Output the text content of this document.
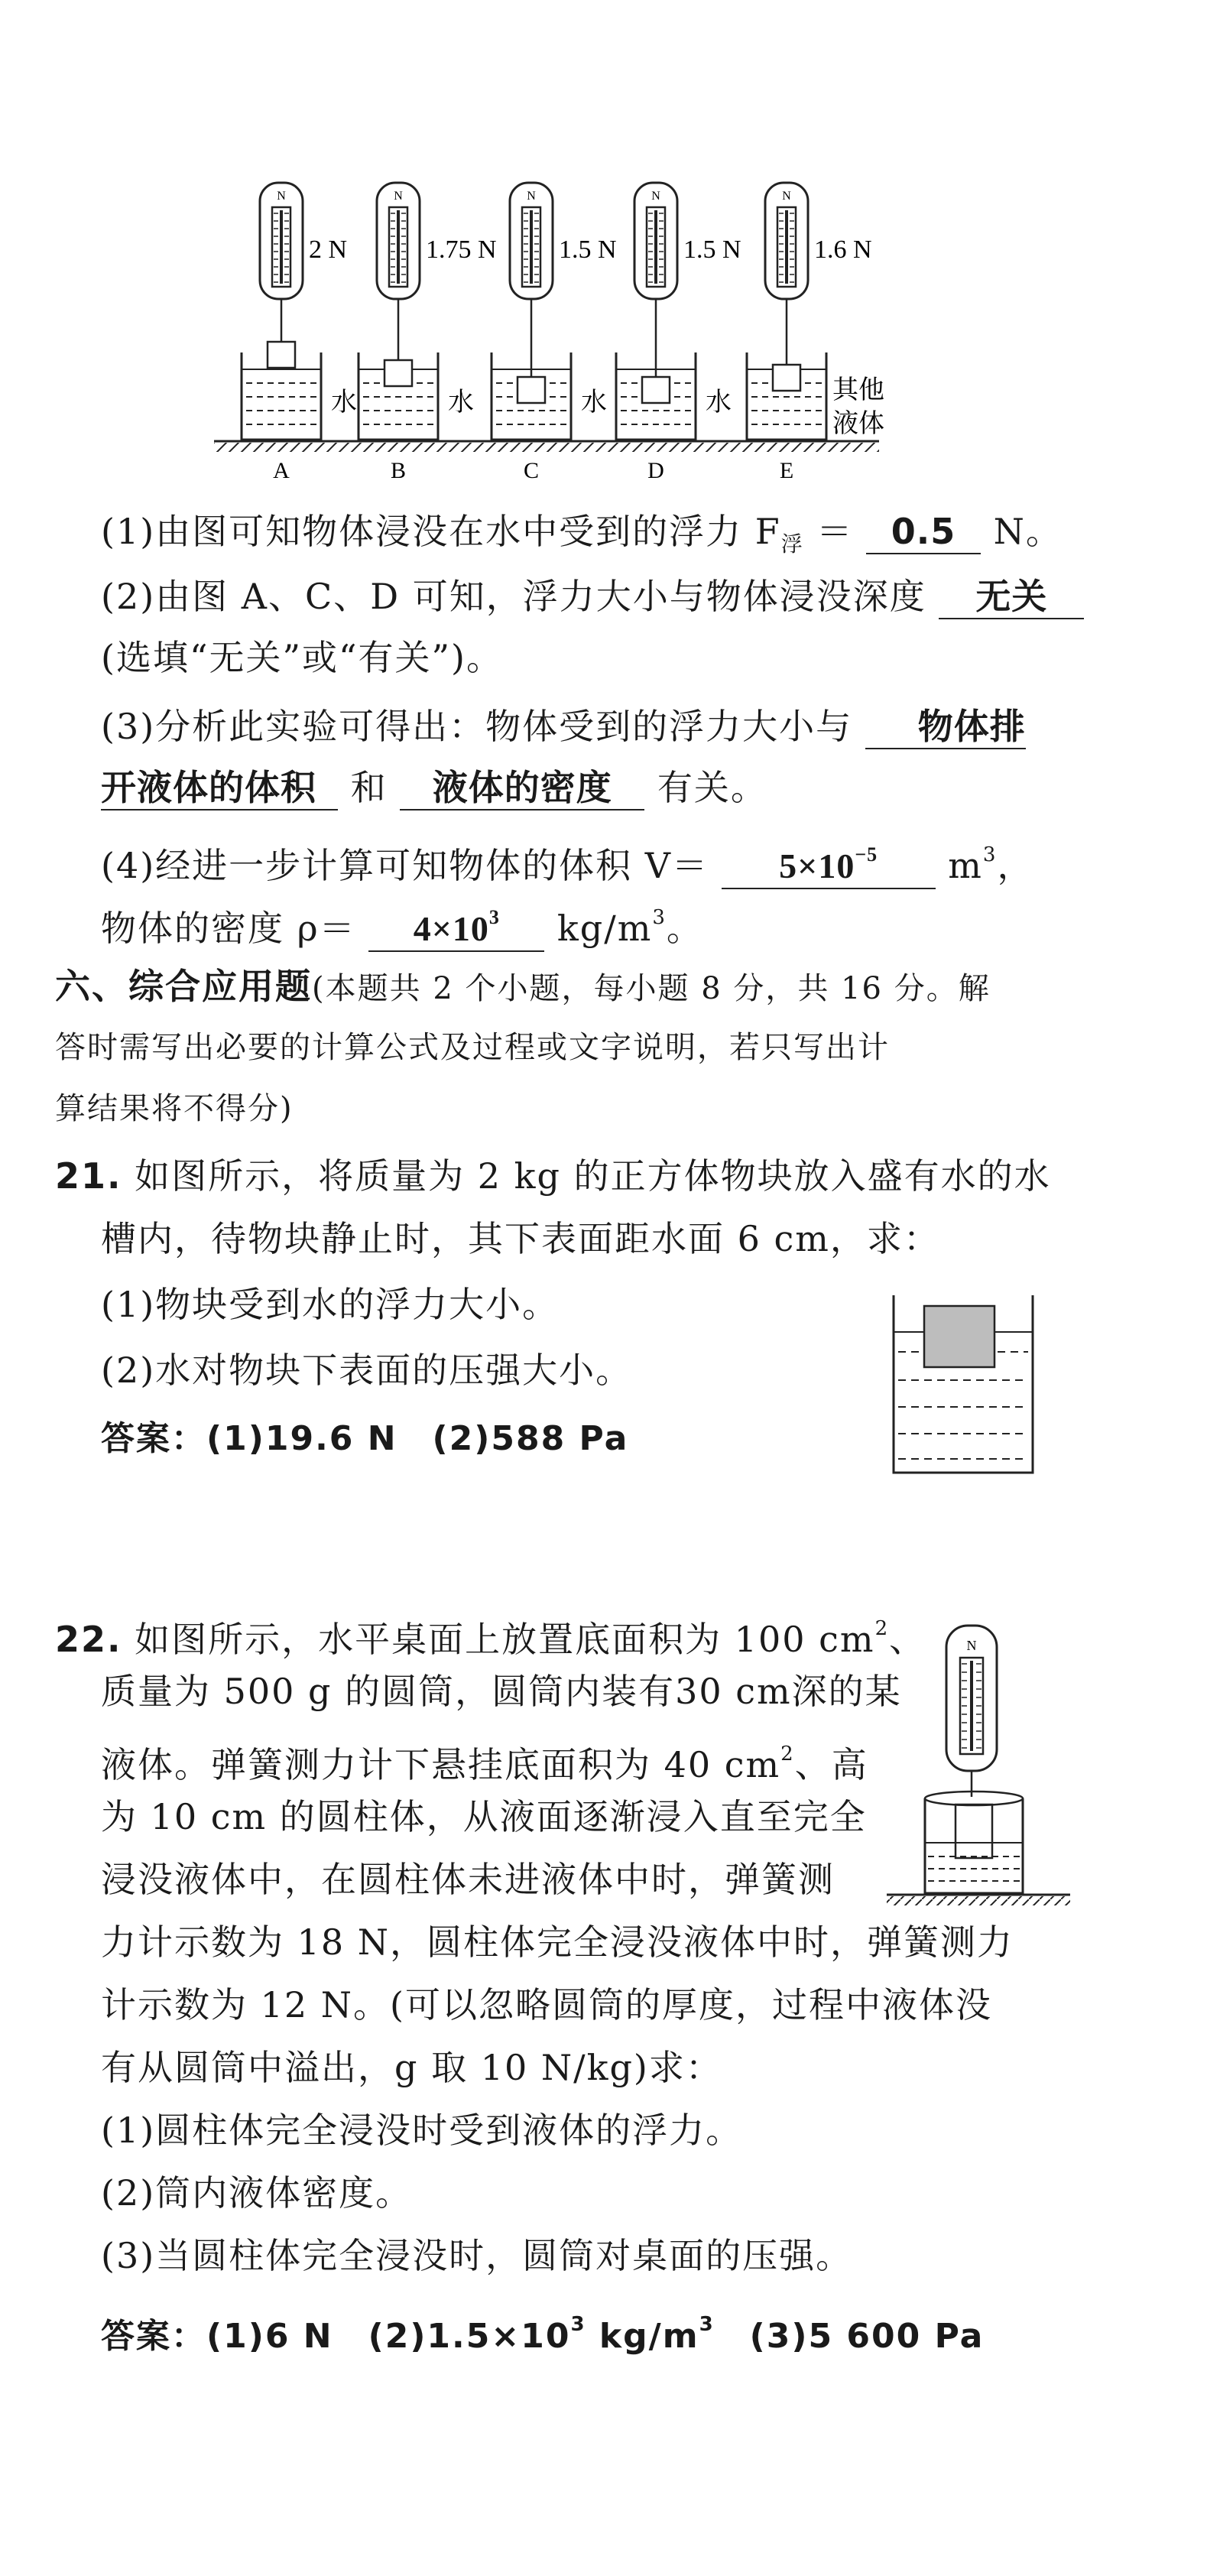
N
2 N
A
水
N
1.75 N
B
水
N
1.5 N
C
水
N
1.5 N
D
水
N
1.6 N
E
其他
液体
(1)由图可知物体浸没在水中受到的浮力 $F_浮 = 0.5$ N。
(2)由图 A、C、D 可知，浮力大小与物体浸没深度 无关
(选填“无关”或“有关”)。
(3)分析此实验可得出：物体受到的浮力大小与 物体排
开液体的体积 和 液体的密度 有关。
(4)经进一步计算可知物体的体积 $V= 5\times 10^{-5}$ $m^3$，
物体的密度 $\rho= 4\times 10^3$ $kg/m^3$。
六、综合应用题(本题共 2 个小题，每小题 8 分，共 16 分。解
答时需写出必要的计算公式及过程或文字说明，若只写出计
算结果将不得分)
21. 如图所示，将质量为 2 kg 的正方体物块放入盛有水的水
槽内，待物块静止时，其下表面距水面 6 cm，求：
(1)物块受到水的浮力大小。
(2)水对物块下表面的压强大小。
答案：(1)19.6 N　(2)588 Pa
22. 如图所示，水平桌面上放置底面积为 100 $cm^2$、
质量为 500 g 的圆筒，圆筒内装有30 cm深的某
液体。弹簧测力计下悬挂底面积为 40 $cm^2$、高
为 10 cm 的圆柱体，从液面逐渐浸入直至完全
浸没液体中，在圆柱体未进液体中时，弹簧测
力计示数为 18 N，圆柱体完全浸没液体中时，弹簧测力
计示数为 12 N。(可以忽略圆筒的厚度，过程中液体没
有从圆筒中溢出，g 取 10 N/kg)求：
(1)圆柱体完全浸没时受到液体的浮力。
(2)筒内液体密度。
(3)当圆柱体完全浸没时，圆筒对桌面的压强。
答案：(1)6 N　$(2)1.5\times 10^3$ $kg/m^3$　(3)5 600 Pa
N
